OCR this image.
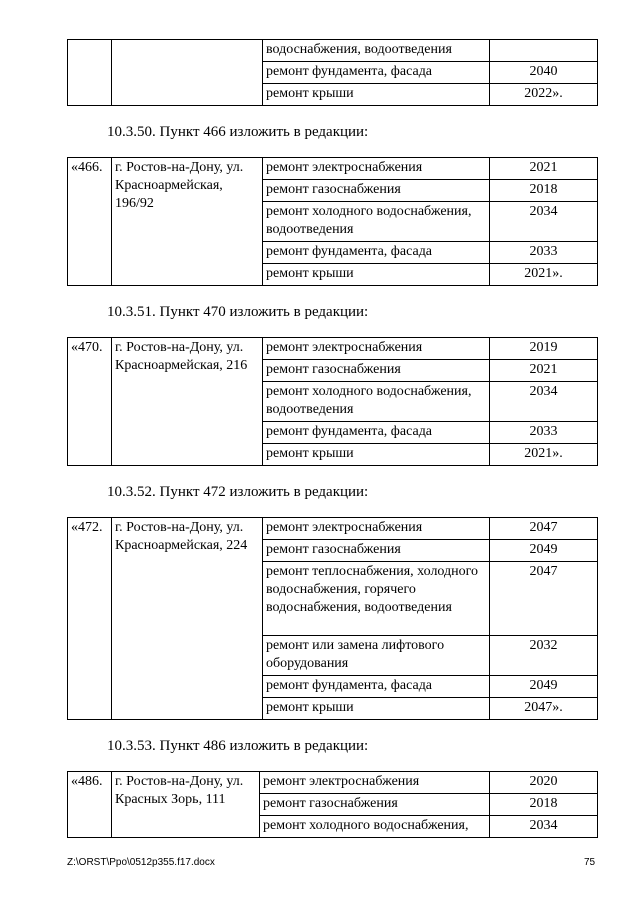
		водоснабжения, водоотведения	
		ремонт фундамента, фасада	2040
		ремонт крыши	2022».
10.3.50. Пункт 466 изложить в редакции:
«466.	г. Ростов-на-Дону, ул. Красноармейская, 196/92	ремонт электроснабжения	2021
		ремонт газоснабжения	2018
		ремонт холодного водоснабжения, водоотведения	2034
		ремонт фундамента, фасада	2033
		ремонт крыши	2021».
10.3.51. Пункт 470 изложить в редакции:
«470.	г. Ростов-на-Дону, ул. Красноармейская, 216	ремонт электроснабжения	2019
		ремонт газоснабжения	2021
		ремонт холодного водоснабжения, водоотведения	2034
		ремонт фундамента, фасада	2033
		ремонт крыши	2021».
10.3.52. Пункт 472 изложить в редакции:
«472.	г. Ростов-на-Дону, ул. Красноармейская, 224	ремонт электроснабжения	2047
		ремонт газоснабжения	2049
		ремонт теплоснабжения, холодного водоснабжения, горячего водоснабжения, водоотведения	2047
		ремонт или замена лифтового оборудования	2032
		ремонт фундамента, фасада	2049
		ремонт крыши	2047».
10.3.53. Пункт 486 изложить в редакции:
«486.	г. Ростов-на-Дону, ул. Красных Зорь, 111	ремонт электроснабжения	2020
		ремонт газоснабжения	2018
		ремонт холодного водоснабжения,	2034
Z:\ORST\Ppo\0512p355.f17.docx	75
